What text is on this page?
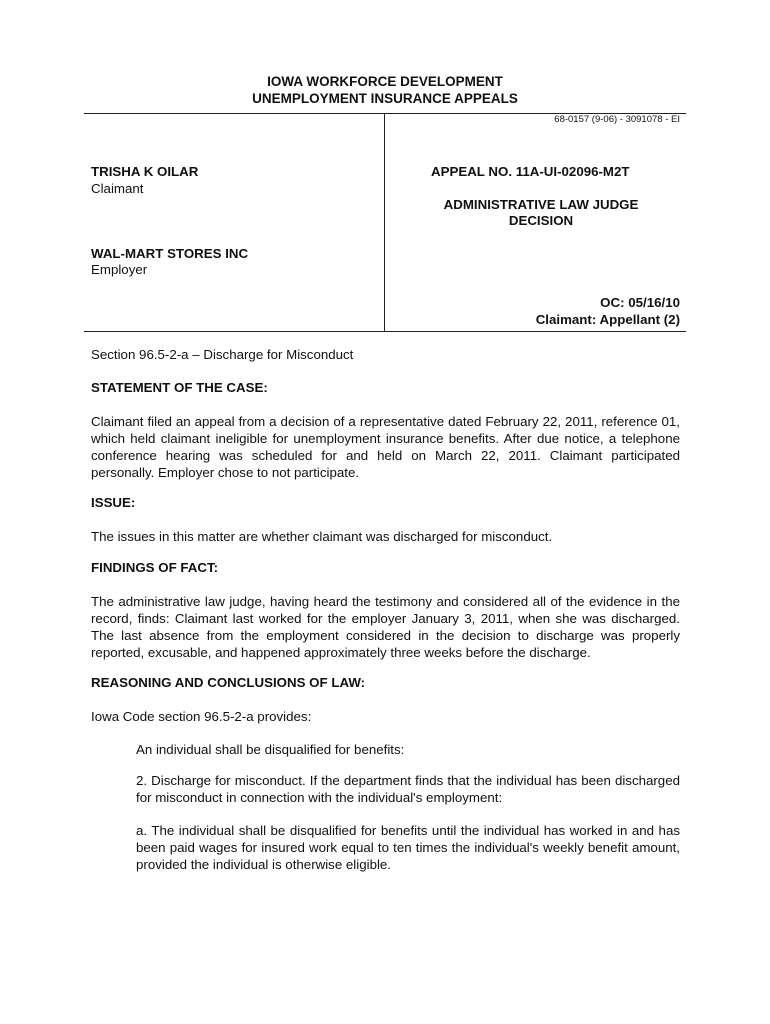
IOWA WORKFORCE DEVELOPMENT
UNEMPLOYMENT INSURANCE APPEALS
68-0157 (9-06) - 3091078 - EI
TRISHA K OILAR
Claimant
APPEAL NO. 11A-UI-02096-M2T
ADMINISTRATIVE LAW JUDGE
DECISION
WAL-MART STORES INC
Employer
OC: 05/16/10
Claimant: Appellant (2)
Section 96.5-2-a – Discharge for Misconduct
STATEMENT OF THE CASE:
Claimant filed an appeal from a decision of a representative dated February 22, 2011, reference 01, which held claimant ineligible for unemployment insurance benefits. After due notice, a telephone conference hearing was scheduled for and held on March 22, 2011. Claimant participated personally. Employer chose to not participate.
ISSUE:
The issues in this matter are whether claimant was discharged for misconduct.
FINDINGS OF FACT:
The administrative law judge, having heard the testimony and considered all of the evidence in the record, finds: Claimant last worked for the employer January 3, 2011, when she was discharged. The last absence from the employment considered in the decision to discharge was properly reported, excusable, and happened approximately three weeks before the discharge.
REASONING AND CONCLUSIONS OF LAW:
Iowa Code section 96.5-2-a provides:
An individual shall be disqualified for benefits:
2. Discharge for misconduct. If the department finds that the individual has been discharged for misconduct in connection with the individual's employment:
a. The individual shall be disqualified for benefits until the individual has worked in and has been paid wages for insured work equal to ten times the individual's weekly benefit amount, provided the individual is otherwise eligible.
